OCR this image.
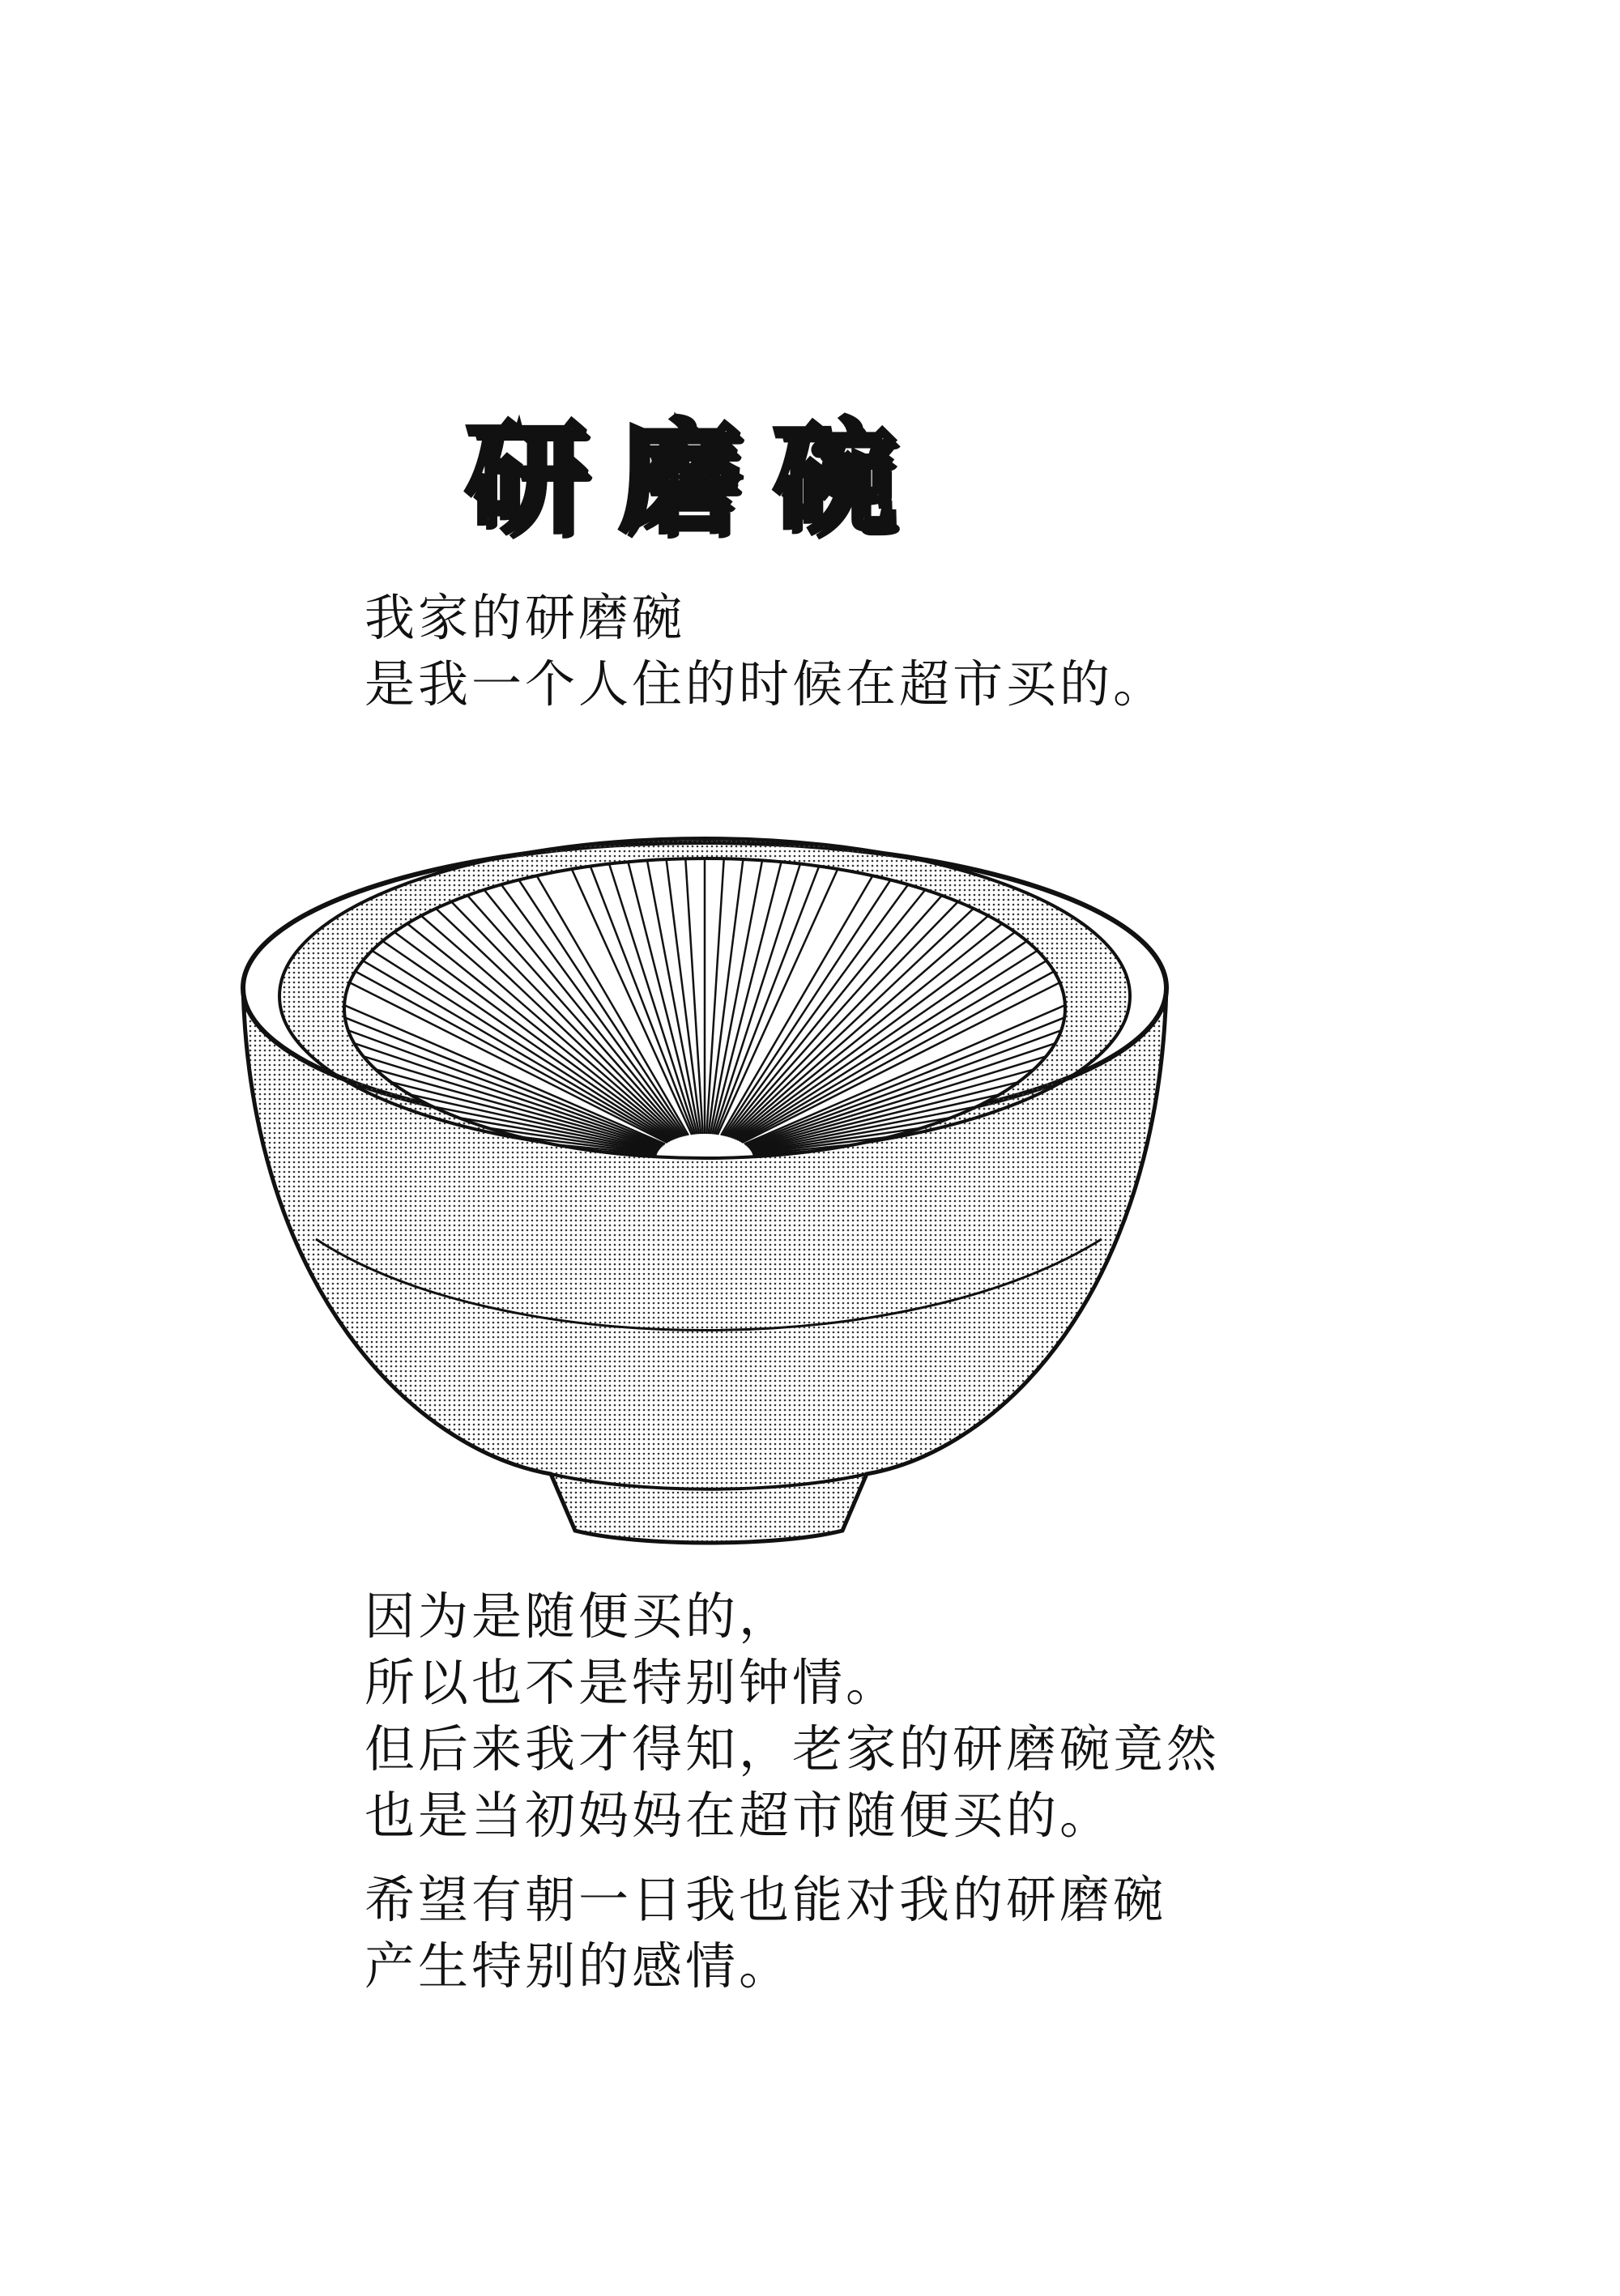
研磨碗
我家的研磨碗
是我一个人住的时候在超市买的。
因为是随便买的，
所以也不是特别钟情。
但后来我才得知，老家的研磨碗竟然
也是当初妈妈在超市随便买的。
希望有朝一日我也能对我的研磨碗
产生特别的感情。
